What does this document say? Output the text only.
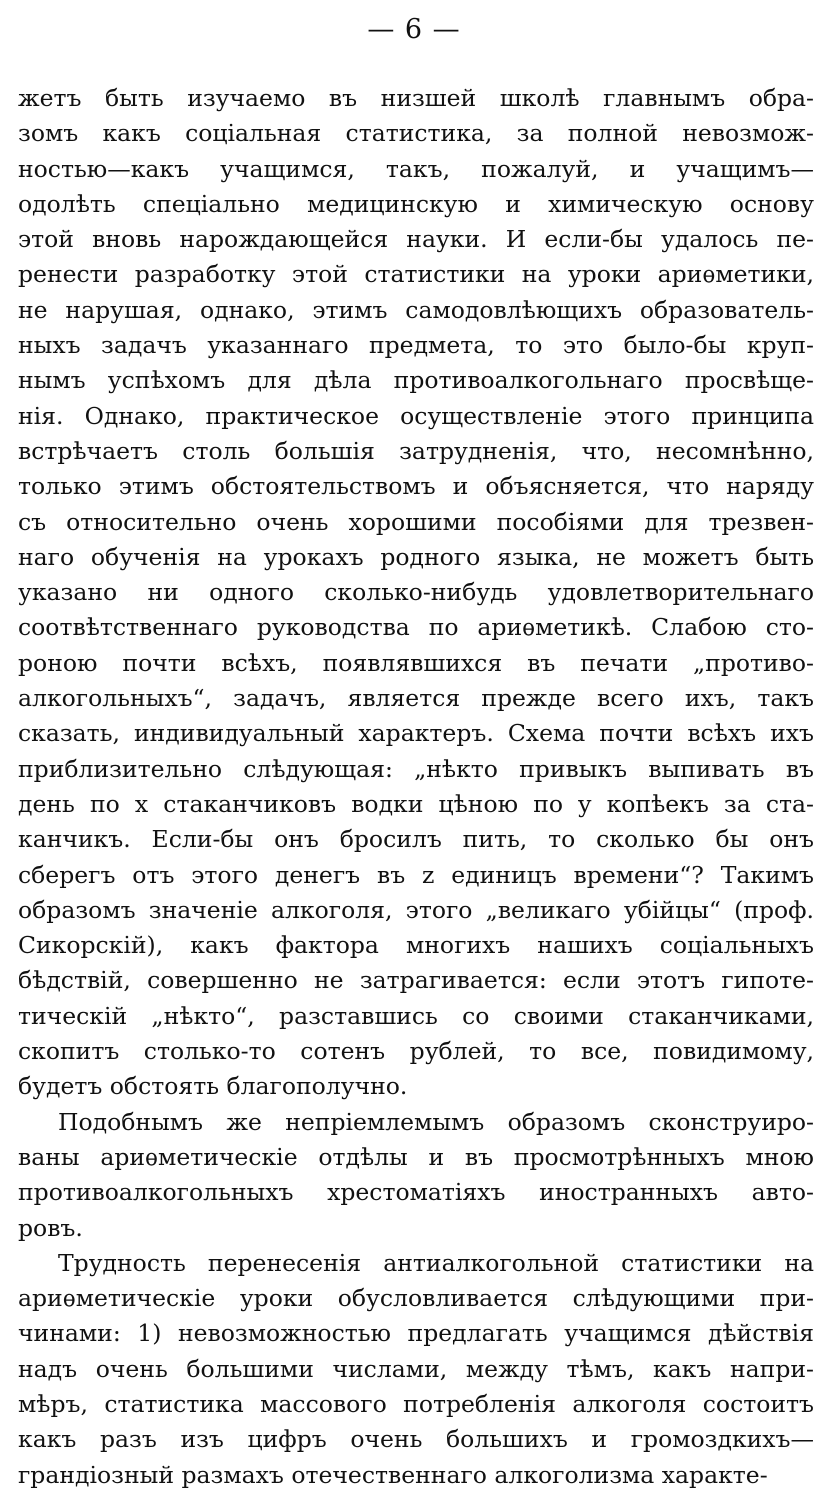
— 6 —
жетъ быть изучаемо въ низшей школѣ главнымъ обра-
зомъ какъ соціальная статистика, за полной невозмож-
ностью—какъ учащимся, такъ, пожалуй, и учащимъ—
одолѣть спеціально медицинскую и химическую основу
этой вновь нарождающейся науки. И если-бы удалось пе-
ренести разработку этой статистики на уроки ариѳметики,
не нарушая, однако, этимъ самодовлѣющихъ образователь-
ныхъ задачъ указаннаго предмета, то это было-бы круп-
нымъ успѣхомъ для дѣла противоалкогольнаго просвѣще-
нія. Однако, практическое осуществленіе этого принципа
встрѣчаетъ столь большія затрудненія, что, несомнѣнно,
только этимъ обстоятельствомъ и объясняется, что наряду
съ относительно очень хорошими пособіями для трезвен-
наго обученія на урокахъ родного языка, не можетъ быть
указано ни одного сколько-нибудь удовлетворительнаго
соотвѣтственнаго руководства по ариѳметикѣ. Слабою сто-
роною почти всѣхъ, появлявшихся въ печати „противо-
алкогольныхъ“, задачъ, является прежде всего ихъ, такъ
сказать, индивидуальный характеръ. Схема почти всѣхъ ихъ
приблизительно слѣдующая: „нѣкто привыкъ выпивать въ
день по x стаканчиковъ водки цѣною по y копѣекъ за ста-
канчикъ. Если-бы онъ бросилъ пить, то сколько бы онъ
сберегъ отъ этого денегъ въ z единицъ времени“? Такимъ
образомъ значеніе алкоголя, этого „великаго убійцы“ (проф.
Сикорскій), какъ фактора многихъ нашихъ соціальныхъ
бѣдствій, совершенно не затрагивается: если этотъ гипоте-
тическій „нѣкто“, разставшись со своими стаканчиками,
скопитъ столько-то сотенъ рублей, то все, повидимому,
будетъ обстоять благополучно.
Подобнымъ же непріемлемымъ образомъ сконструиро-
ваны ариѳметическіе отдѣлы и въ просмотрѣнныхъ мною
противоалкогольныхъ хрестоматіяхъ иностранныхъ авто-
ровъ.
Трудность перенесенія антиалкогольной статистики на
ариѳметическіе уроки обусловливается слѣдующими при-
чинами: 1) невозможностью предлагать учащимся дѣйствія
надъ очень большими числами, между тѣмъ, какъ напри-
мѣръ, статистика массового потребленія алкоголя состоитъ
какъ разъ изъ цифръ очень большихъ и громоздкихъ—
грандіозный размахъ отечественнаго алкоголизма характе-
